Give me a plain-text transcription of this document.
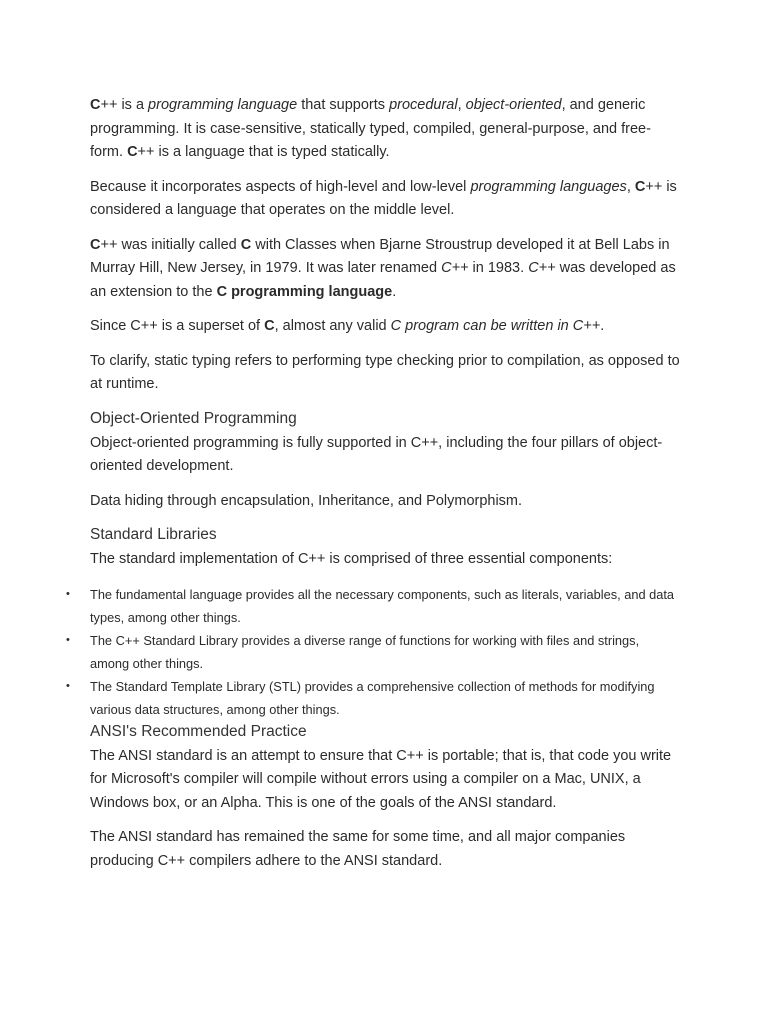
C++ is a programming language that supports procedural, object-oriented, and generic programming. It is case-sensitive, statically typed, compiled, general-purpose, and free-form. C++ is a language that is typed statically.

Because it incorporates aspects of high-level and low-level programming languages, C++ is considered a language that operates on the middle level.

C++ was initially called C with Classes when Bjarne Stroustrup developed it at Bell Labs in Murray Hill, New Jersey, in 1979. It was later renamed C++ in 1983. C++ was developed as an extension to the C programming language.

Since C++ is a superset of C, almost any valid C program can be written in C++.

To clarify, static typing refers to performing type checking prior to compilation, as opposed to at runtime.

Object-Oriented Programming

Object-oriented programming is fully supported in C++, including the four pillars of object-oriented development.

Data hiding through encapsulation, Inheritance, and Polymorphism.

Standard Libraries

The standard implementation of C++ is comprised of three essential components:

•	The fundamental language provides all the necessary components, such as literals, variables, and data types, among other things.
•	The C++ Standard Library provides a diverse range of functions for working with files and strings, among other things.
•	The Standard Template Library (STL) provides a comprehensive collection of methods for modifying various data structures, among other things.
ANSI's Recommended Practice

The ANSI standard is an attempt to ensure that C++ is portable; that is, that code you write for Microsoft's compiler will compile without errors using a compiler on a Mac, UNIX, a Windows box, or an Alpha. This is one of the goals of the ANSI standard.

The ANSI standard has remained the same for some time, and all major companies producing C++ compilers adhere to the ANSI standard.
